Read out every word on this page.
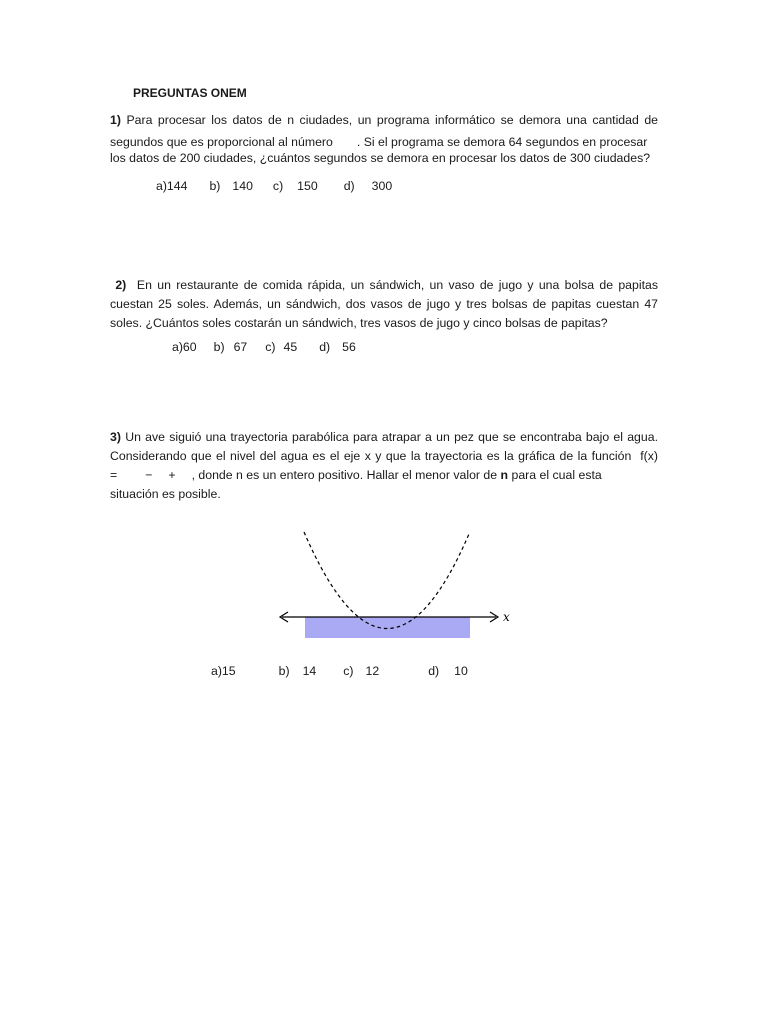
PREGUNTAS ONEM
1) Para procesar los datos de n ciudades, un programa informático se demora una cantidad de
segundos que es proporcional al número . Si el programa se demora 64 segundos en procesar
los datos de 200 ciudades, ¿cuántos segundos se demora en procesar los datos de 300 ciudades?
a)144 b) 140 c) 150 d) 300
2) En un restaurante de comida rápida, un sándwich, un vaso de jugo y una bolsa de papitas
cuestan 25 soles. Además, un sándwich, dos vasos de jugo y tres bolsas de papitas cuestan 47
soles. ¿Cuántos soles costarán un sándwich, tres vasos de jugo y cinco bolsas de papitas?
a)60 b) 67 c) 45 d) 56
3) Un ave siguió una trayectoria parabólica para atrapar a un pez que se encontraba bajo el agua.
Considerando que el nivel del agua es el eje x y que la trayectoria es la gráfica de la función f(x)
= − + , donde n es un entero positivo. Hallar el menor valor de n para el cual esta
situación es posible.
x
a)15	b) 14 c) 12	d) 10
